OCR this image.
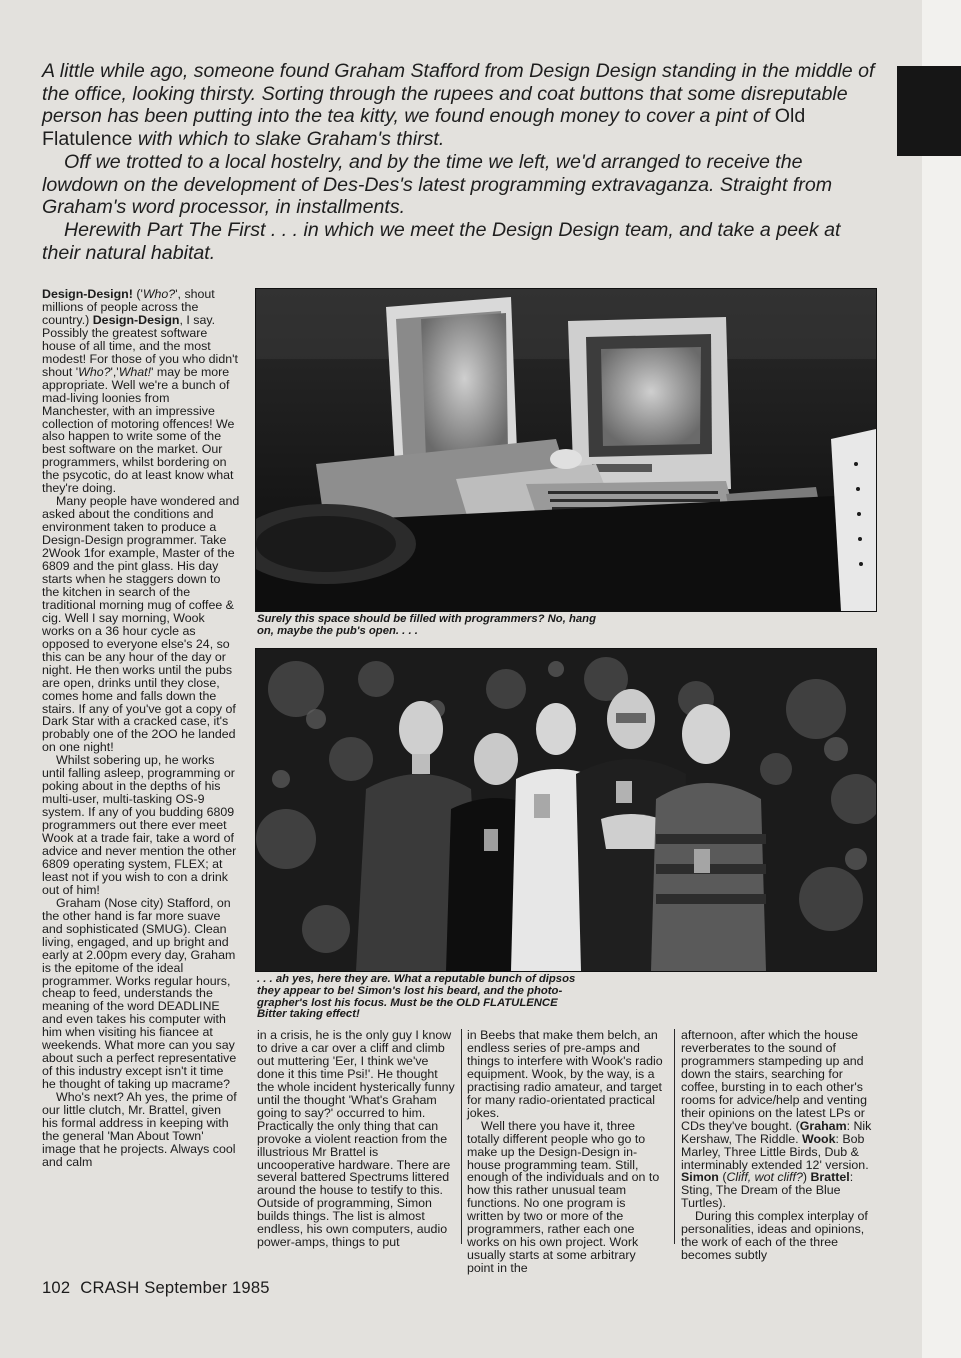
A little while ago, someone found Graham Stafford from Design Design standing in the middle of the office, looking thirsty. Sorting through the rupees and coat buttons that some disreputable person has been putting into the tea kitty, we found enough money to cover a pint of Old Flatulence with which to slake Graham's thirst.

Off we trotted to a local hostelry, and by the time we left, we'd arranged to receive the lowdown on the development of Des-Des's latest programming extravaganza. Straight from Graham's word processor, in installments.

Herewith Part The First . . . in which we meet the Design Design team, and take a peek at their natural habitat.

Design-Design! ('Who?', shout millions of people across the country.) Design-Design, I say. Possibly the greatest software house of all time, and the most modest! For those of you who didn't shout 'Who?','What!' may be more appropriate. Well we're a bunch of mad-living loonies from Manchester, with an impressive collection of motoring offences! We also happen to write some of the best software on the market. Our programmers, whilst bordering on the psycotic, do at least know what they're doing.

Many people have wondered and asked about the conditions and environment taken to produce a Design-Design programmer. Take 2Wook 1for example, Master of the 6809 and the pint glass. His day starts when he staggers down to the kitchen in search of the traditional morning mug of coffee & cig. Well I say morning, Wook works on a 36 hour cycle as opposed to everyone else's 24, so this can be any hour of the day or night. He then works until the pubs are open, drinks until they close, comes home and falls down the stairs. If any of you've got a copy of Dark Star with a cracked case, it's probably one of the 2OO he landed on one night!

Whilst sobering up, he works until falling asleep, programming or poking about in the depths of his multi-user, multi-tasking OS-9 system. If any of you budding 6809 programmers out there ever meet Wook at a trade fair, take a word of advice and never mention the other 6809 operating system, FLEX; at least not if you wish to con a drink out of him!

Graham (Nose city) Stafford, on the other hand is far more suave and sophisticated (SMUG). Clean living, engaged, and up bright and early at 2.00pm every day, Graham is the epitome of the ideal programmer. Works regular hours, cheap to feed, understands the meaning of the word DEADLINE and even takes his computer with him when visiting his fiancee at weekends. What more can you say about such a perfect representative of this industry except isn't it time he thought of taking up macrame?

Who's next? Ah yes, the prime of our little clutch, Mr. Brattel, given his formal address in keeping with the general 'Man About Town' image that he projects. Always cool and calm

Surely this space should be filled with programmers? No, hang on, maybe the pub's open. . . .
. . . ah yes, here they are. What a reputable bunch of dipsos they appear to be! Simon's lost his beard, and the photo-grapher's lost his focus. Must be the OLD FLATULENCE Bitter taking effect!

in a crisis, he is the only guy I know to drive a car over a cliff and climb out muttering 'Eer, I think we've done it this time Psi!'. He thought the whole incident hysterically funny until the thought 'What's Graham going to say?' occurred to him. Practically the only thing that can provoke a violent reaction from the illustrious Mr Brattel is uncooperative hardware. There are several battered Spectrums littered around the house to testify to this. Outside of programming, Simon builds things. The list is almost endless, his own computers, audio power-amps, things to put

in Beebs that make them belch, an endless series of pre-amps and things to interfere with Wook's radio equipment. Wook, by the way, is a practising radio amateur, and target for many radio-orientated practical jokes.

Well there you have it, three totally different people who go to make up the Design-Design in-house programming team. Still, enough of the individuals and on to how this rather unusual team functions. No one program is written by two or more of the programmers, rather each one works on his own project. Work usually starts at some arbitrary point in the

afternoon, after which the house reverberates to the sound of programmers stampeding up and down the stairs, searching for coffee, bursting in to each other's rooms for advice/help and venting their opinions on the latest LPs or CDs they've bought. (Graham: Nik Kershaw, The Riddle. Wook: Bob Marley, Three Little Birds, Dub & interminably extended 12' version. Simon (Cliff, wot cliff?) Brattel: Sting, The Dream of the Blue Turtles).

During this complex interplay of personalities, ideas and opinions, the work of each of the three becomes subtly

102 CRASH September 1985
